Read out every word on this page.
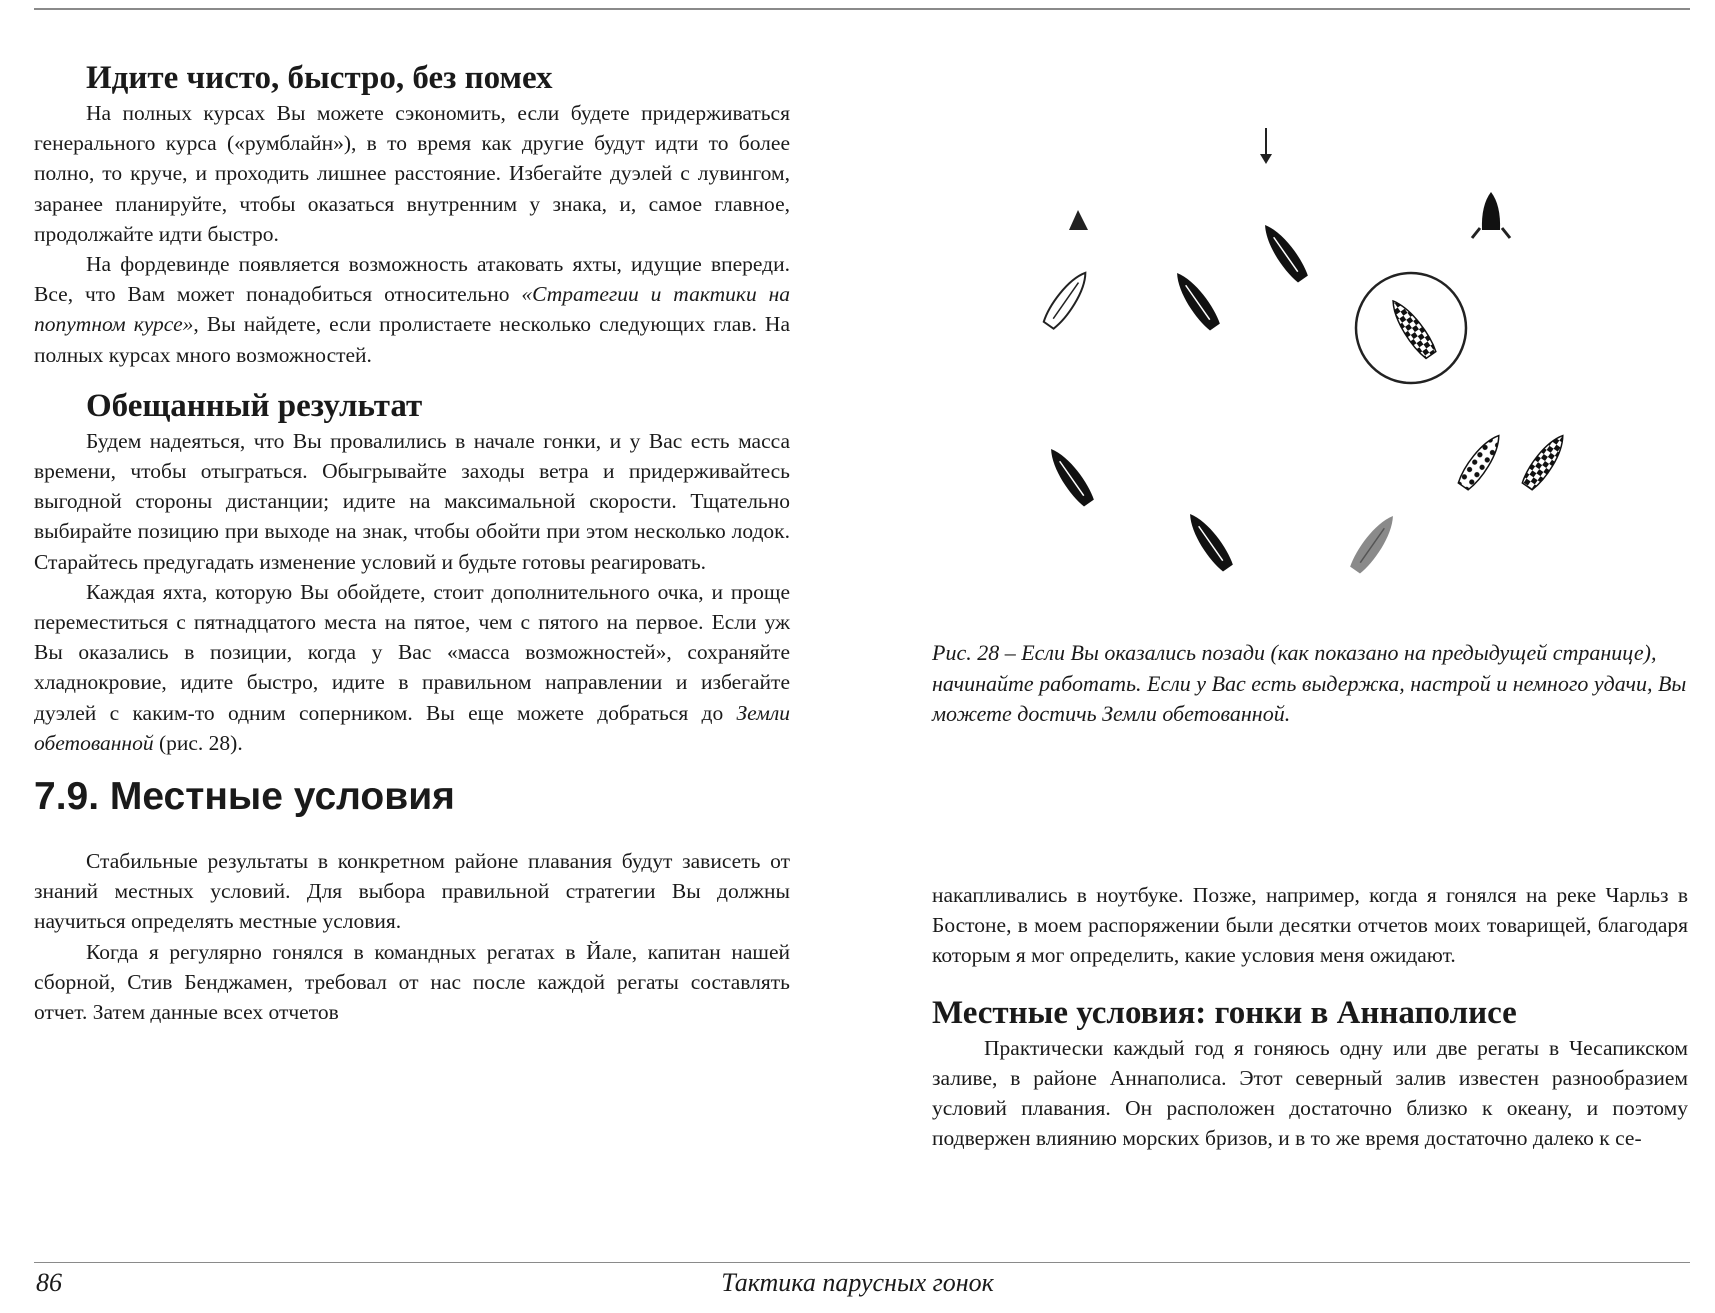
Идите чисто, быстро, без помех

На полных курсах Вы можете сэкономить, если будете придерживаться генерального курса («румблайн»), в то время как другие будут идти то более полно, то круче, и проходить лишнее расстояние. Избегайте дуэлей с лувингом, заранее планируйте, чтобы оказаться внутренним у знака, и, самое главное, продолжайте идти быстро.

На фордевинде появляется возможность атаковать яхты, идущие впереди. Все, что Вам может понадобиться относительно «Стратегии и тактики на попутном курсе», Вы найдете, если пролистаете несколько следующих глав. На полных курсах много возможностей.

Обещанный результат

Будем надеяться, что Вы провалились в начале гонки, и у Вас есть масса времени, чтобы отыграться. Обыгрывайте заходы ветра и придерживайтесь выгодной стороны дистанции; идите на максимальной скорости. Тщательно выбирайте позицию при выходе на знак, чтобы обойти при этом несколько лодок. Старайтесь предугадать изменение условий и будьте готовы реагировать.

Каждая яхта, которую Вы обойдете, стоит дополнительного очка, и проще переместиться с пятнадцатого места на пятое, чем с пятого на первое. Если уж Вы оказались в позиции, когда у Вас «масса возможностей», сохраняйте хладнокровие, идите быстро, идите в правильном направлении и избегайте дуэлей с каким-то одним соперником. Вы еще можете добраться до Земли обетованной (рис. 28).

7.9. Местные условия

Стабильные результаты в конкретном районе плавания будут зависеть от знаний местных условий. Для выбора правильной стратегии Вы должны научиться определять местные условия.

Когда я регулярно гонялся в командных регатах в Йале, капитан нашей сборной, Стив Бенджамен, требовал от нас после каждой регаты составлять отчет. Затем данные всех отчетов

Рис. 28 – Если Вы оказались позади (как показано на предыдущей странице), начинайте работать. Если у Вас есть выдержка, настрой и немного удачи, Вы можете достичь Земли обетованной.

накапливались в ноутбуке. Позже, например, когда я гонялся на реке Чарльз в Бостоне, в моем распоряжении были десятки отчетов моих товарищей, благодаря которым я мог определить, какие условия меня ожидают.

Местные условия: гонки в Аннаполисе

Практически каждый год я гоняюсь одну или две регаты в Чесапикском заливе, в районе Аннаполиса. Этот северный залив известен разнообразием условий плавания. Он расположен достаточно близко к океану, и поэтому подвержен влиянию морских бризов, и в то же время достаточно далеко к се-

86	Тактика парусных гонок
